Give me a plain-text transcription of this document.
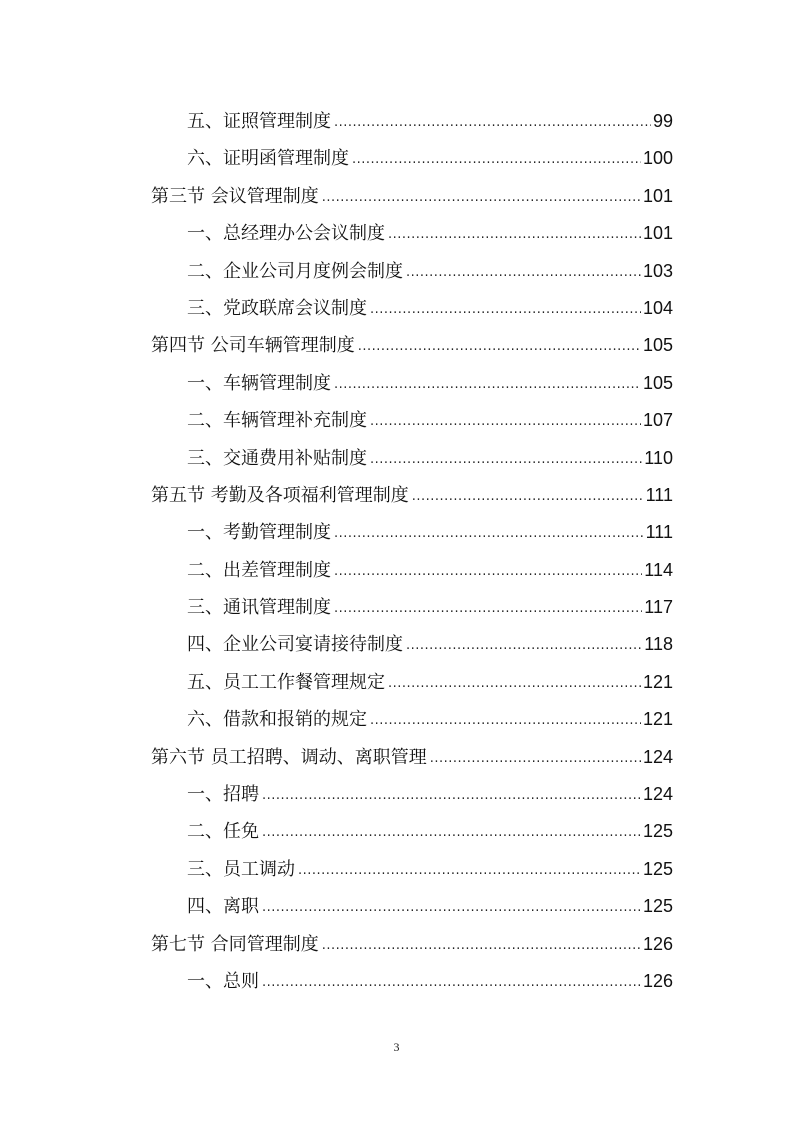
五、证照管理制度 .....	99
六、证明函管理制度 .....	100
第三节 会议管理制度 .....	101
一、总经理办公会议制度 .....	101
二、企业公司月度例会制度 .....	103
三、党政联席会议制度 .....	104
第四节 公司车辆管理制度 .....	105
一、车辆管理制度 .....	105
二、车辆管理补充制度 .....	107
三、交通费用补贴制度 .....	110
第五节 考勤及各项福利管理制度 .....	111
一、考勤管理制度 .....	111
二、出差管理制度 .....	114
三、通讯管理制度 .....	117
四、企业公司宴请接待制度 .....	118
五、员工工作餐管理规定 .....	121
六、借款和报销的规定 .....	121
第六节 员工招聘、调动、离职管理 .....	124
一、招聘 .....	124
二、任免 .....	125
三、员工调动 .....	125
四、离职 .....	125
第七节 合同管理制度 .....	126
一、总则 .....	126
3
